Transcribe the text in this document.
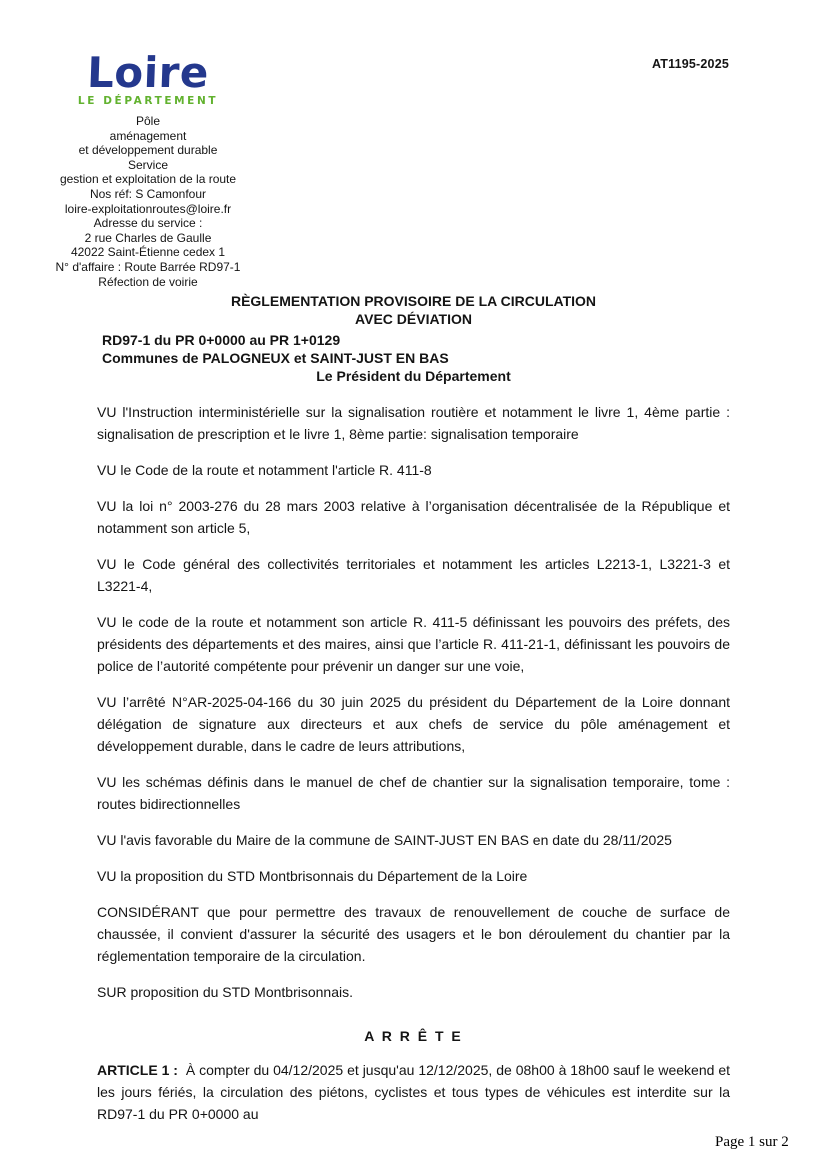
AT1195-2025
Loire
LE DÉPARTEMENT
Pôle
aménagement
et développement durable
Service
gestion et exploitation de la route
Nos réf: S Camonfour
loire-exploitationroutes@loire.fr
Adresse du service :
2 rue Charles de Gaulle
42022 Saint-Étienne cedex 1
N° d'affaire : Route Barrée RD97-1
Réfection de voirie
RÈGLEMENTATION PROVISOIRE DE LA CIRCULATION
AVEC DÉVIATION
RD97-1 du PR 0+0000 au PR 1+0129
Communes de PALOGNEUX et SAINT-JUST EN BAS
Le Président du Département

VU l'Instruction interministérielle sur la signalisation routière et notamment le livre 1, 4ème partie : signalisation de prescription et le livre 1, 8ème partie: signalisation temporaire

VU le Code de la route et notamment l'article R. 411-8

VU la loi n° 2003-276 du 28 mars 2003 relative à l’organisation décentralisée de la République et notamment son article 5,

VU le Code général des collectivités territoriales et notamment les articles L2213-1, L3221-3 et L3221-4,

VU le code de la route et notamment son article R. 411-5 définissant les pouvoirs des préfets, des présidents des départements et des maires, ainsi que l’article R. 411-21-1, définissant les pouvoirs de police de l’autorité compétente pour prévenir un danger sur une voie,

VU l’arrêté N°AR-2025-04-166 du 30 juin 2025 du président du Département de la Loire donnant délégation de signature aux directeurs et aux chefs de service du pôle aménagement et développement durable, dans le cadre de leurs attributions,

VU les schémas définis dans le manuel de chef de chantier sur la signalisation temporaire, tome : routes bidirectionnelles

VU l'avis favorable du Maire de la commune de SAINT-JUST EN BAS en date du 28/11/2025

VU la proposition du STD Montbrisonnais du Département de la Loire

CONSIDÉRANT que pour permettre des travaux de renouvellement de couche de surface de chaussée, il convient d'assurer la sécurité des usagers et le bon déroulement du chantier par la réglementation temporaire de la circulation.

SUR proposition du STD Montbrisonnais.

A R R Ê T E

ARTICLE 1 : À compter du 04/12/2025 et jusqu'au 12/12/2025, de 08h00 à 18h00 sauf le weekend et les jours fériés, la circulation des piétons, cyclistes et tous types de véhicules est interdite sur la RD97-1 du PR 0+0000 au

Page 1 sur 2
